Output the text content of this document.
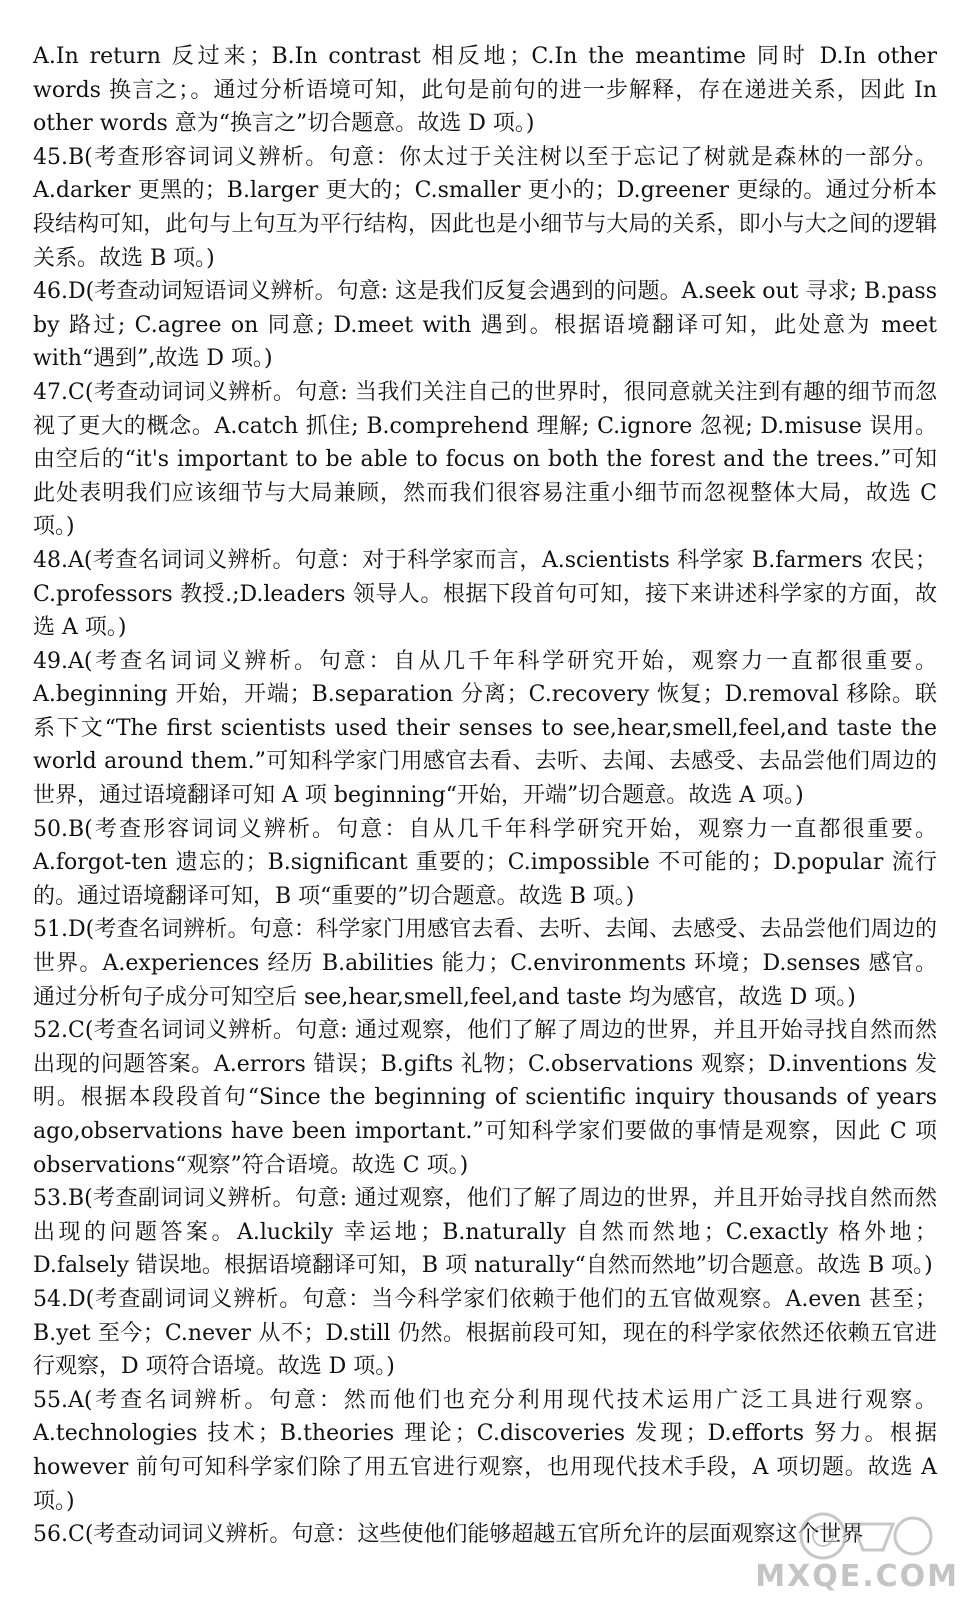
A.In return 反过来；B.In contrast 相反地；C.In the meantime 同时 D.In other words 换言之；。通过分析语境可知，此句是前句的进一步解释，存在递进关系，因此 In other words 意为“换言之”切合题意。故选 D 项。)

45.B(考查形容词词义辨析。句意：你太过于关注树以至于忘记了树就是森林的一部分。A.darker 更黑的；B.larger 更大的；C.smaller 更小的；D.greener 更绿的。通过分析本段结构可知，此句与上句互为平行结构，因此也是小细节与大局的关系，即小与大之间的逻辑关系。故选 B 项。)

46.D(考查动词短语词义辨析。句意: 这是我们反复会遇到的问题。A.seek out 寻求; B.pass by 路过; C.agree on 同意; D.meet with 遇到。根据语境翻译可知，此处意为 meet with“遇到”,故选 D 项。)

47.C(考查动词词义辨析。句意: 当我们关注自己的世界时，很同意就关注到有趣的细节而忽视了更大的概念。A.catch 抓住; B.comprehend 理解; C.ignore 忽视; D.misuse 误用。由空后的“it's important to be able to focus on both the forest and the trees.”可知此处表明我们应该细节与大局兼顾，然而我们很容易注重小细节而忽视整体大局，故选 C 项。)

48.A(考查名词词义辨析。句意：对于科学家而言，A.scientists 科学家 B.farmers 农民；C.professors 教授.;D.leaders 领导人。根据下段首句可知，接下来讲述科学家的方面，故选 A 项。)

49.A(考查名词词义辨析。句意：自从几千年科学研究开始，观察力一直都很重要。A.beginning 开始，开端；B.separation 分离；C.recovery 恢复；D.removal 移除。联系下文“The first scientists used their senses to see,hear,smell,feel,and taste the world around them.”可知科学家门用感官去看、去听、去闻、去感受、去品尝他们周边的世界，通过语境翻译可知 A 项 beginning“开始，开端”切合题意。故选 A 项。)

50.B(考查形容词词义辨析。句意：自从几千年科学研究开始，观察力一直都很重要。A.forgot-ten 遗忘的；B.significant 重要的；C.impossible 不可能的；D.popular 流行的。通过语境翻译可知，B 项“重要的”切合题意。故选 B 项。)

51.D(考查名词辨析。句意：科学家门用感官去看、去听、去闻、去感受、去品尝他们周边的世界。A.experiences 经历 B.abilities 能力；C.environments 环境；D.senses 感官。通过分析句子成分可知空后 see,hear,smell,feel,and taste 均为感官，故选 D 项。)

52.C(考查名词词义辨析。句意: 通过观察，他们了解了周边的世界，并且开始寻找自然而然出现的问题答案。A.errors 错误；B.gifts 礼物；C.observations 观察；D.inventions 发明。根据本段段首句“Since the beginning of scientific inquiry thousands of years ago,observations have been important.”可知科学家们要做的事情是观察，因此 C 项 observations“观察”符合语境。故选 C 项。)

53.B(考查副词词义辨析。句意: 通过观察，他们了解了周边的世界，并且开始寻找自然而然出现的问题答案。A.luckily 幸运地；B.naturally 自然而然地；C.exactly 格外地；D.falsely 错误地。根据语境翻译可知，B 项 naturally“自然而然地”切合题意。故选 B 项。)

54.D(考查副词词义辨析。句意：当今科学家们依赖于他们的五官做观察。A.even 甚至；B.yet 至今；C.never 从不；D.still 仍然。根据前段可知，现在的科学家依然还依赖五官进行观察，D 项符合语境。故选 D 项。)

55.A(考查名词辨析。句意：然而他们也充分利用现代技术运用广泛工具进行观察。A.technologies 技术；B.theories 理论；C.discoveries 发现；D.efforts 努力。根据 however 前句可知科学家们除了用五官进行观察，也用现代技术手段，A 项切题。故选 A 项。)

56.C(考查动词词义辨析。句意：这些使他们能够超越五官所允许的层面观察这个世界

MXQE.COM
